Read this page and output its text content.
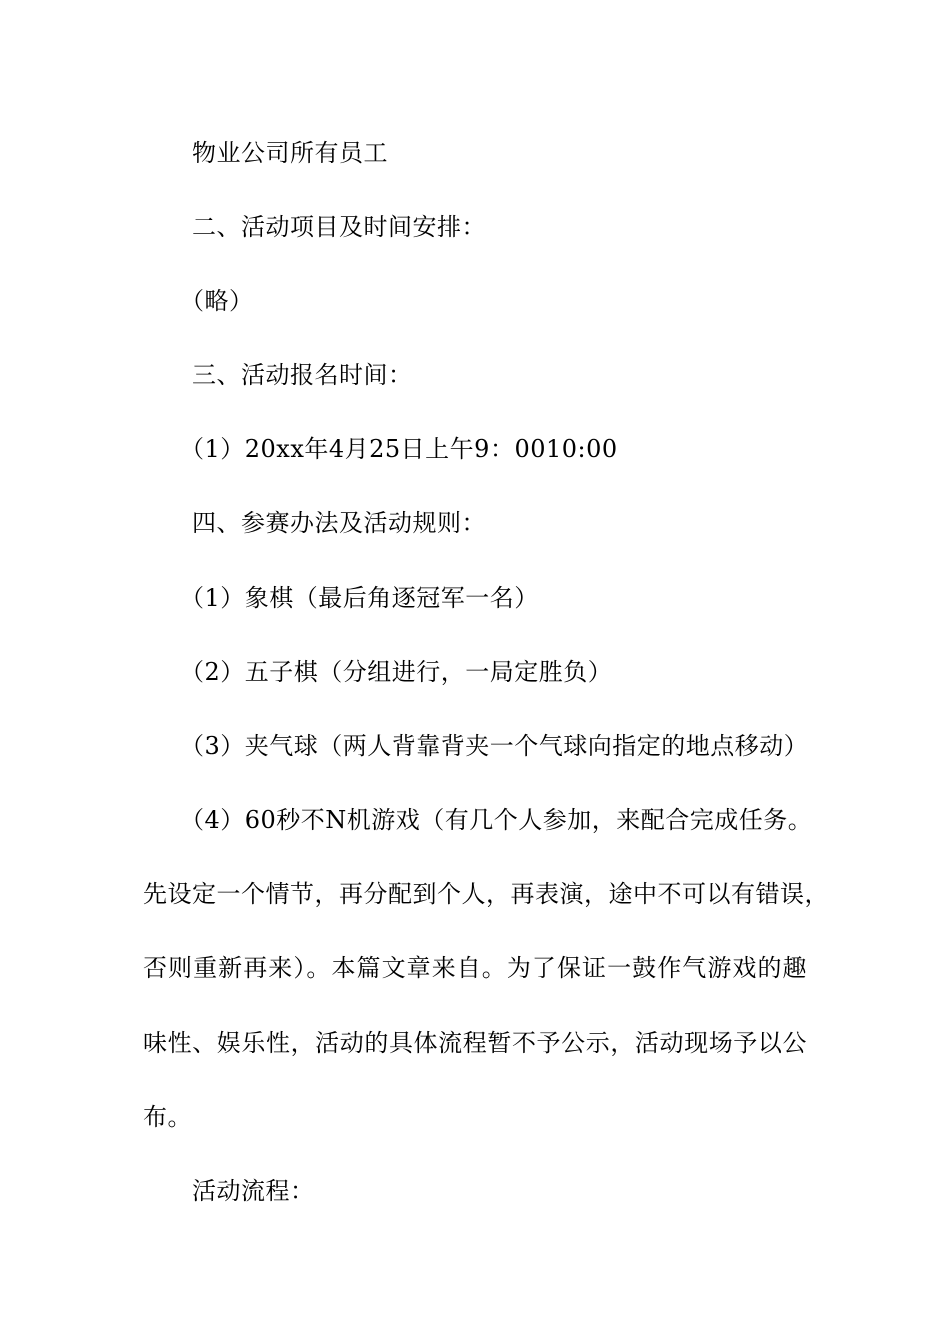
物业公司所有员工
二、活动项目及时间安排：
（略）
三、活动报名时间：
（1）20xx年4月25日上午9：0010:00
四、参赛办法及活动规则：
（1）象棋（最后角逐冠军一名）
（2）五子棋（分组进行，一局定胜负）
（3）夹气球（两人背靠背夹一个气球向指定的地点移动）
（4）60秒不N机游戏（有几个人参加，来配合完成任务。
先设定一个情节，再分配到个人，再表演，途中不可以有错误，
否则重新再来）。本篇文章来自。为了保证一鼓作气游戏的趣
味性、娱乐性，活动的具体流程暂不予公示，活动现场予以公
布。
活动流程：
